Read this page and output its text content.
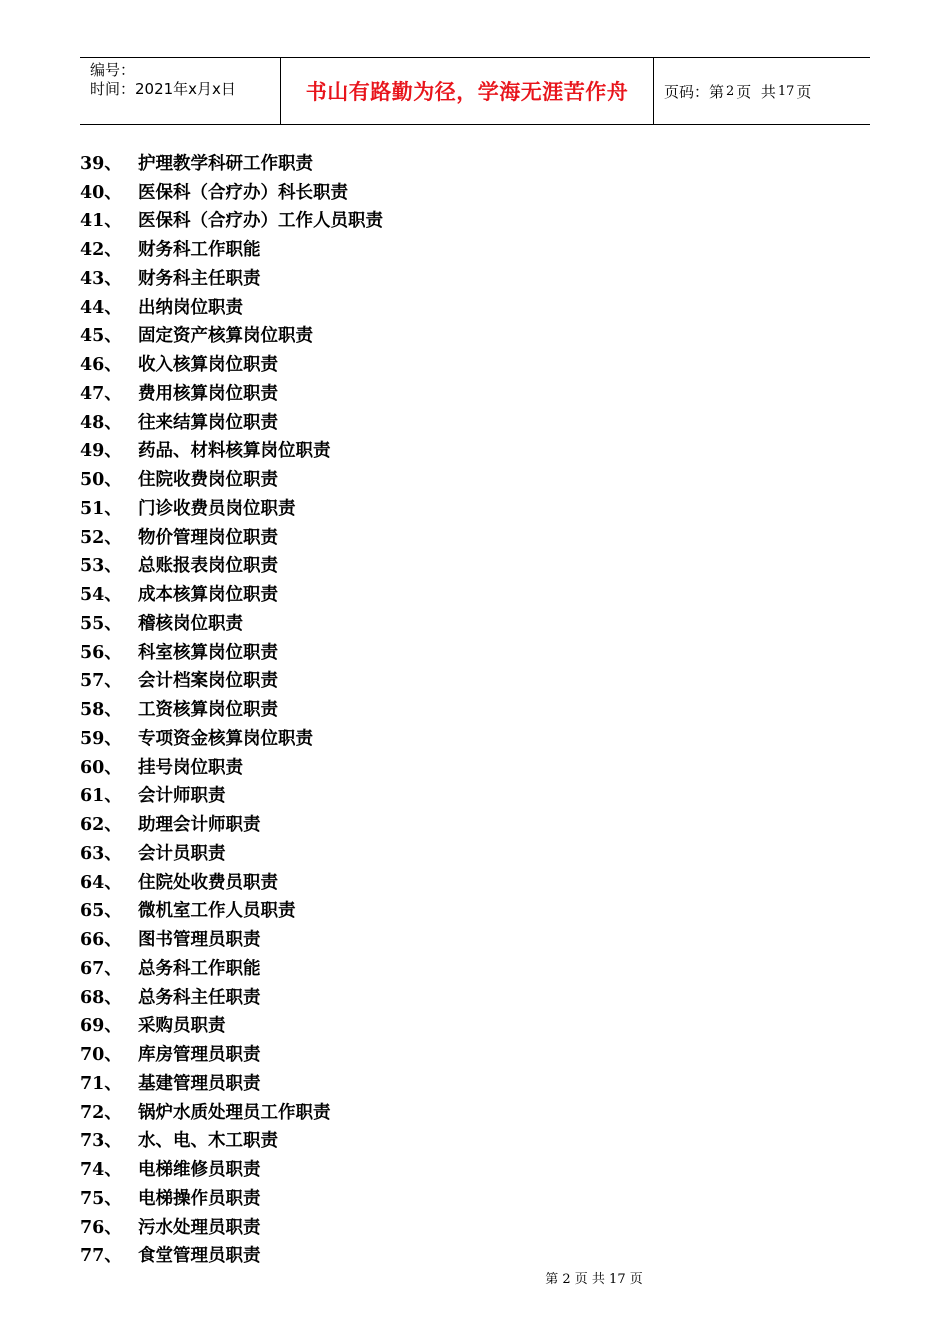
编号：
时间：2021年x月x日	书山有路勤为径，学海无涯苦作舟	页码：第 2 页  共 17 页
39、 护理教学科研工作职责
40、 医保科（合疗办）科长职责
41、 医保科（合疗办）工作人员职责
42、 财务科工作职能
43、 财务科主任职责
44、 出纳岗位职责
45、 固定资产核算岗位职责
46、 收入核算岗位职责
47、 费用核算岗位职责
48、 往来结算岗位职责
49、 药品、材料核算岗位职责
50、 住院收费岗位职责
51、 门诊收费员岗位职责
52、 物价管理岗位职责
53、 总账报表岗位职责
54、 成本核算岗位职责
55、 稽核岗位职责
56、 科室核算岗位职责
57、 会计档案岗位职责
58、 工资核算岗位职责
59、 专项资金核算岗位职责
60、 挂号岗位职责
61、 会计师职责
62、 助理会计师职责
63、 会计员职责
64、 住院处收费员职责
65、 微机室工作人员职责
66、 图书管理员职责
67、 总务科工作职能
68、 总务科主任职责
69、 采购员职责
70、 库房管理员职责
71、 基建管理员职责
72、 锅炉水质处理员工作职责
73、 水、电、木工职责
74、 电梯维修员职责
75、 电梯操作员职责
76、 污水处理员职责
77、 食堂管理员职责
第 2 页 共 17 页
